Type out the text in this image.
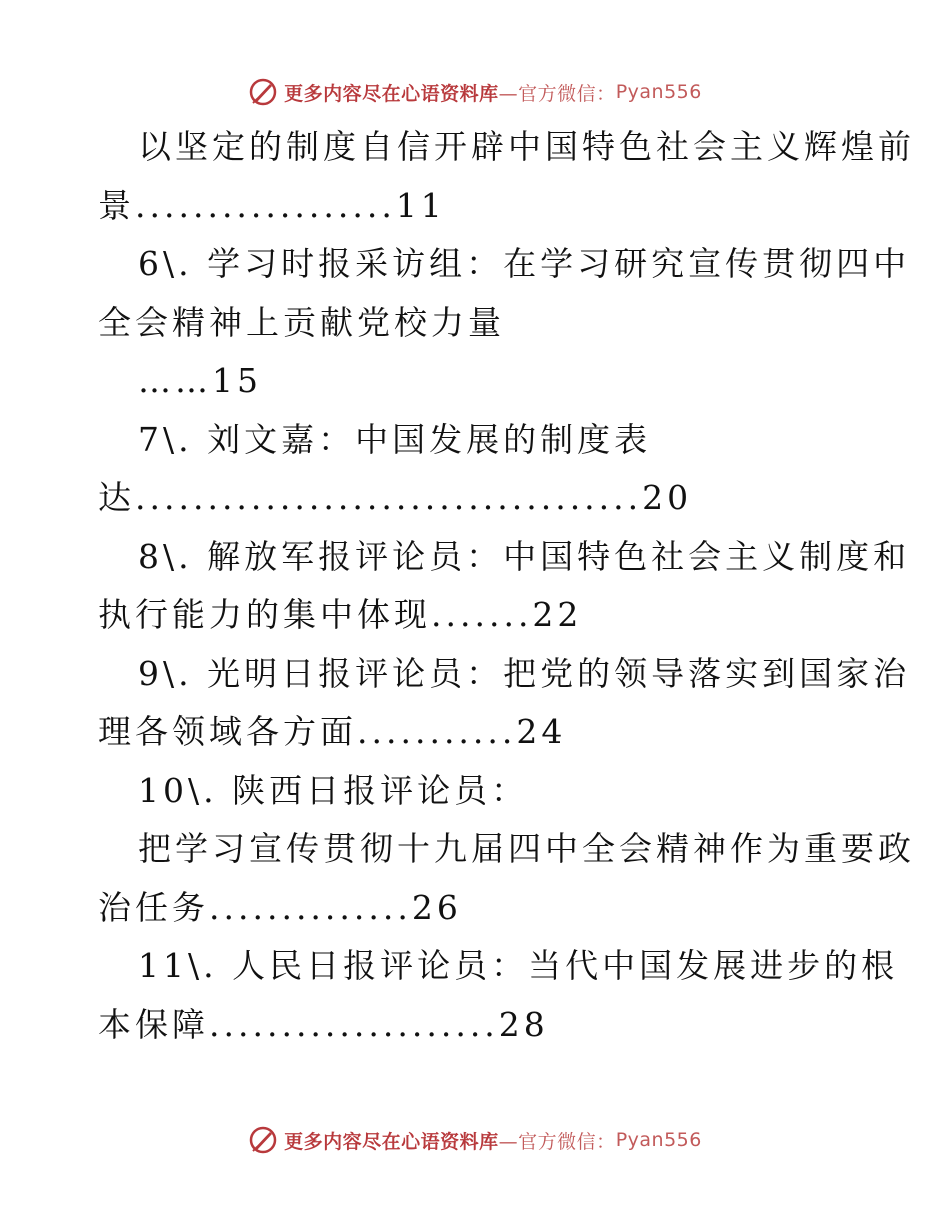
更多内容尽在心语资料库 —官方微信： Pyan556
以坚定的制度自信开辟中国特色社会主义辉煌前
景..................11
6\. 学习时报采访组：在学习研究宣传贯彻四中
全会精神上贡献党校力量
……15
7\. 刘文嘉：中国发展的制度表
达...................................20
8\. 解放军报评论员：中国特色社会主义制度和
执行能力的集中体现.......22
9\. 光明日报评论员：把党的领导落实到国家治
理各领域各方面...........24
10\. 陕西日报评论员：
把学习宣传贯彻十九届四中全会精神作为重要政
治任务..............26
11\. 人民日报评论员：当代中国发展进步的根
本保障....................28
更多内容尽在心语资料库 —官方微信： Pyan556
